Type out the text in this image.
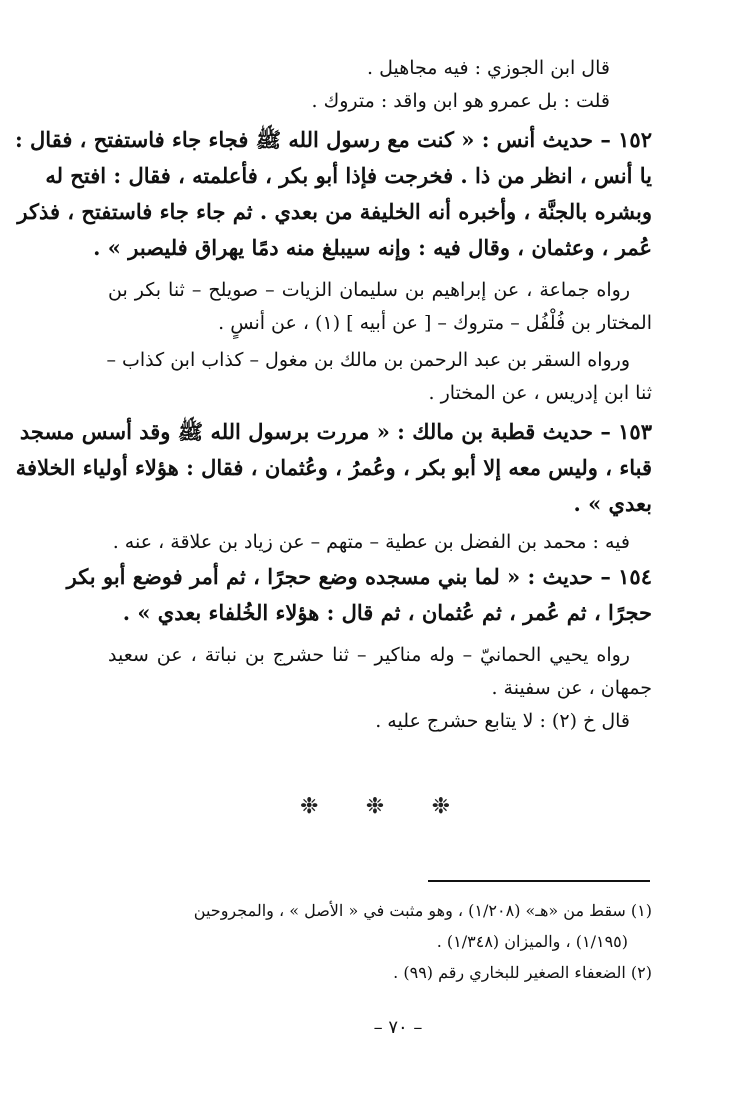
قال ابن الجوزي : فيه مجاهيل .
قلت : بل عمرو هو ابن واقد : متروك .
١٥٢ – حديث أنس : « كنت مع رسول الله ﷺ فجاء جاء فاستفتح ، فقال :
يا أنس ، انظر من ذا . فخرجت فإذا أبو بكر ، فأعلمته ، فقال : افتح له
وبشره بالجنَّة ، وأخبره أنه الخليفة من بعدي . ثم جاء جاء فاستفتح ، فذكر
عُمر ، وعثمان ، وقال فيه : وإنه سيبلغ منه دمًا يهراق فليصبر » .
رواه جماعة ، عن إبراهيم بن سليمان الزيات – صويلح – ثنا بكر بن
المختار بن فُلْفُل – متروك – [ عن أبيه ] (١) ، عن أنسٍ .
ورواه السقر بن عبد الرحمن بن مالك بن مغول – كذاب ابن كذاب –
ثنا ابن إدريس ، عن المختار .
١٥٣ – حديث قطبة بن مالك : « مررت برسول الله ﷺ وقد أسس مسجد
قباء ، وليس معه إلا أبو بكر ، وعُمرُ ، وعُثمان ، فقال : هؤلاء أولياء الخلافة
بعدي » .
فيه : محمد بن الفضل بن عطية – متهم – عن زياد بن علاقة ، عنه .
١٥٤ – حديث : « لما بني مسجده وضع حجرًا ، ثم أمر فوضع أبو بكر
حجرًا ، ثم عُمر ، ثم عُثمان ، ثم قال : هؤلاء الخُلفاء بعدي » .
رواه يحيي الحمانيّ – وله مناكير – ثنا حشرج بن نباتة ، عن سعيد
جمهان ، عن سفينة .
قال خ (٢) : لا يتابع حشرج عليه .
❉ ❉ ❉
(١) سقط من «هـ» (١/٢٠٨) ، وهو مثبت في « الأصل » ، والمجروحين
(١/١٩٥) ، والميزان (١/٣٤٨) .
(٢) الضعفاء الصغير للبخاري رقم (٩٩) .
– ٧٠ –
